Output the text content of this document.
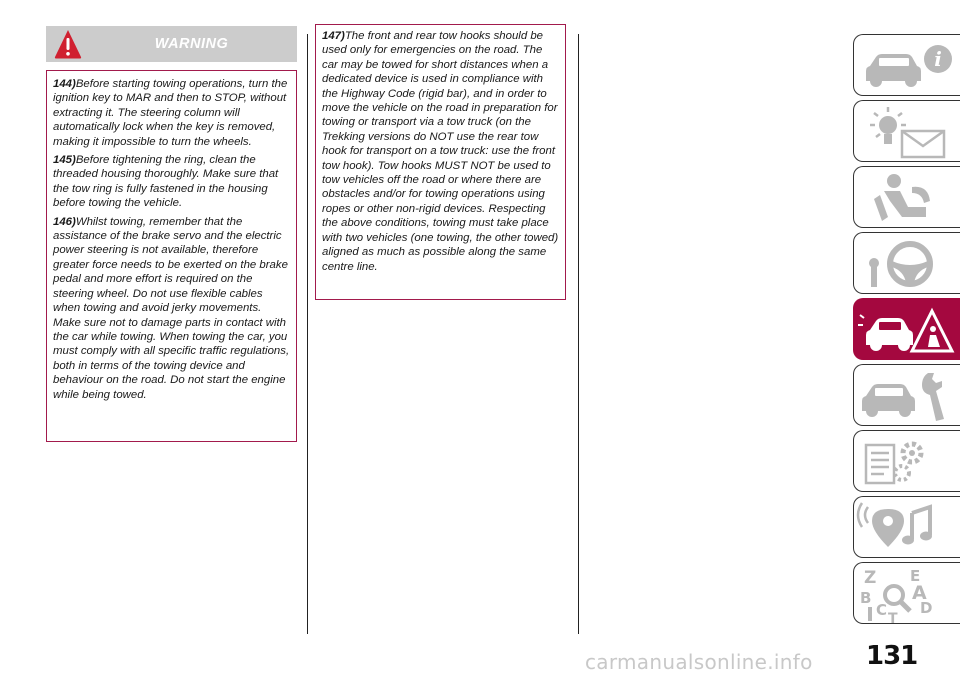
WARNING

144)Before starting towing operations, turn the ignition key to MAR and then to STOP, without extracting it. The steering column will automatically lock when the key is removed, making it impossible to turn the wheels.

145)Before tightening the ring, clean the threaded housing thoroughly. Make sure that the tow ring is fully fastened in the housing before towing the vehicle.

146)Whilst towing, remember that the assistance of the brake servo and the electric power steering is not available, therefore greater force needs to be exerted on the brake pedal and more effort is required on the steering wheel. Do not use flexible cables when towing and avoid jerky movements. Make sure not to damage parts in contact with the car while towing. When towing the car, you must comply with all specific traffic regulations, both in terms of the towing device and behaviour on the road. Do not start the engine while being towed.

147)The front and rear tow hooks should be used only for emergencies on the road. The car may be towed for short distances when a dedicated device is used in compliance with the Highway Code (rigid bar), and in order to move the vehicle on the road in preparation for towing or transport via a tow truck (on the Trekking versions do NOT use the rear tow hook for transport on a tow truck: use the front tow hook). Tow hooks MUST NOT be used to tow vehicles off the road or where there are obstacles and/or for towing operations using ropes or other non-rigid devices. Respecting the above conditions, towing must take place with two vehicles (one towing, the other towed) aligned as much as possible along the same centre line.

i
Z E
B A
C D
T
131
carmanualsonline.info
